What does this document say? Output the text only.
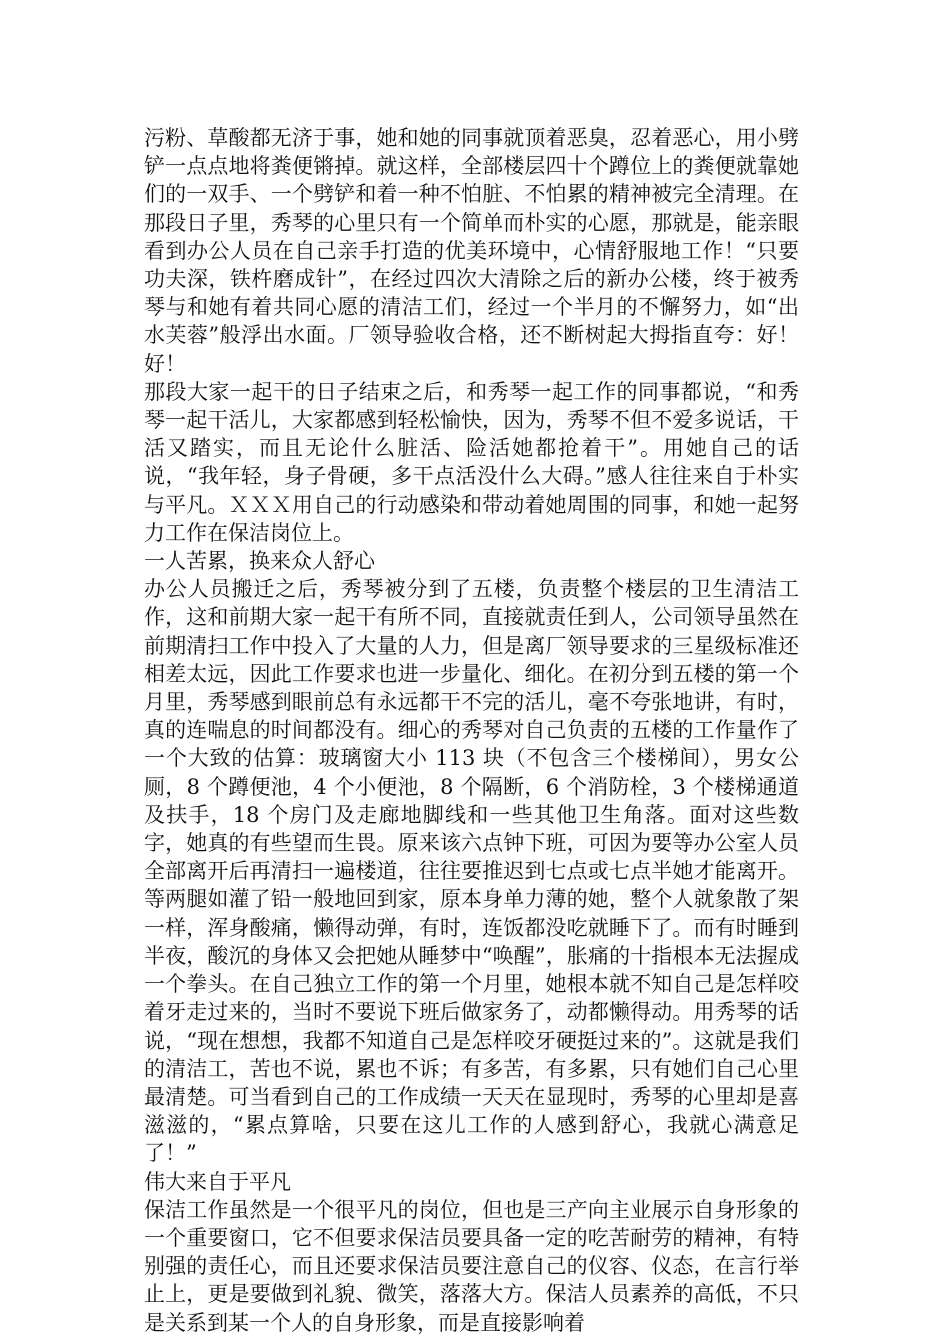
污粉、草酸都无济于事，她和她的同事就顶着恶臭，忍着恶心，用小劈铲一点点地将粪便锵掉。就这样，全部楼层四十个蹲位上的粪便就靠她们的一双手、一个劈铲和着一种不怕脏、不怕累的精神被完全清理。在那段日子里，秀琴的心里只有一个简单而朴实的心愿，那就是，能亲眼看到办公人员在自己亲手打造的优美环境中，心情舒服地工作！“只要功夫深，铁杵磨成针”，在经过四次大清除之后的新办公楼，终于被秀琴与和她有着共同心愿的清洁工们，经过一个半月的不懈努力，如“出水芙蓉”般浮出水面。厂领导验收合格，还不断树起大拇指直夸：好！好！

那段大家一起干的日子结束之后，和秀琴一起工作的同事都说，“和秀琴一起干活儿，大家都感到轻松愉快，因为，秀琴不但不爱多说话，干活又踏实，而且无论什么脏活、险活她都抢着干”。用她自己的话说，“我年轻，身子骨硬，多干点活没什么大碍。”感人往往来自于朴实与平凡。ＸＸＸ用自己的行动感染和带动着她周围的同事，和她一起努力工作在保洁岗位上。

一人苦累，换来众人舒心

办公人员搬迁之后，秀琴被分到了五楼，负责整个楼层的卫生清洁工作，这和前期大家一起干有所不同，直接就责任到人，公司领导虽然在前期清扫工作中投入了大量的人力，但是离厂领导要求的三星级标准还相差太远，因此工作要求也进一步量化、细化。在初分到五楼的第一个月里，秀琴感到眼前总有永远都干不完的活儿，毫不夸张地讲，有时，真的连喘息的时间都没有。细心的秀琴对自己负责的五楼的工作量作了一个大致的估算：玻璃窗大小 113 块（不包含三个楼梯间），男女公厕，8 个蹲便池，4 个小便池，8 个隔断，6 个消防栓，3 个楼梯通道及扶手，18 个房门及走廊地脚线和一些其他卫生角落。面对这些数字，她真的有些望而生畏。原来该六点钟下班，可因为要等办公室人员全部离开后再清扫一遍楼道，往往要推迟到七点或七点半她才能离开。等两腿如灌了铅一般地回到家，原本身单力薄的她，整个人就象散了架一样，浑身酸痛，懒得动弹，有时，连饭都没吃就睡下了。而有时睡到半夜，酸沉的身体又会把她从睡梦中“唤醒”，胀痛的十指根本无法握成一个拳头。在自己独立工作的第一个月里，她根本就不知自己是怎样咬着牙走过来的，当时不要说下班后做家务了，动都懒得动。用秀琴的话说，“现在想想，我都不知道自己是怎样咬牙硬挺过来的”。这就是我们的清洁工，苦也不说，累也不诉；有多苦，有多累，只有她们自己心里最清楚。可当看到自己的工作成绩一天天在显现时，秀琴的心里却是喜滋滋的，“累点算啥，只要在这儿工作的人感到舒心，我就心满意足了！”

伟大来自于平凡

保洁工作虽然是一个很平凡的岗位，但也是三产向主业展示自身形象的一个重要窗口，它不但要求保洁员要具备一定的吃苦耐劳的精神，有特别强的责任心，而且还要求保洁员要注意自己的仪容、仪态，在言行举止上，更是要做到礼貌、微笑，落落大方。保洁人员素养的高低，不只是关系到某一个人的自身形象，而是直接影响着
